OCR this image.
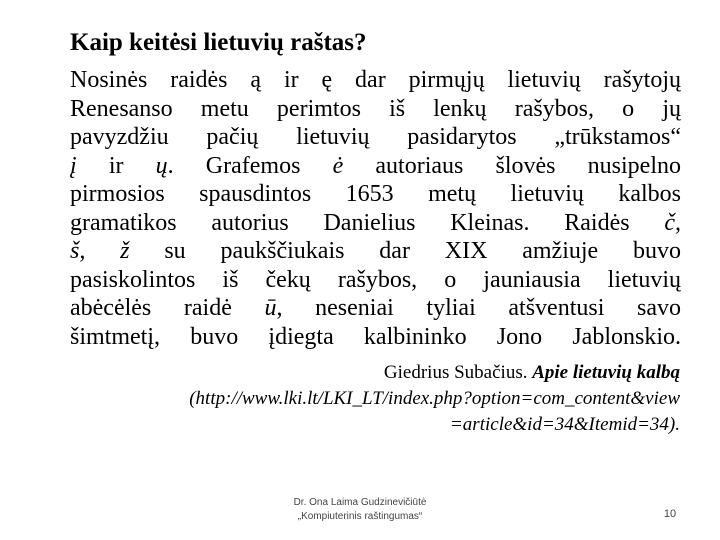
Kaip keitėsi lietuvių raštas?
Nosinės raidės ą ir ę dar pirmųjų lietuvių rašytojų
Renesanso metu perimtos iš lenkų rašybos, o jų
pavyzdžiu pačių lietuvių pasidarytos „trūkstamos“
į ir ų. Grafemos ė autoriaus šlovės nusipelno
pirmosios spausdintos 1653 metų lietuvių kalbos
gramatikos autorius Danielius Kleinas. Raidės č,
š, ž su paukščiukais dar XIX amžiuje buvo
pasiskolintos iš čekų rašybos, o jauniausia lietuvių
abėcėlės raidė ū, neseniai tyliai atšventusi savo
šimtmetį, buvo įdiegta kalbininko Jono Jablonskio.
Giedrius Subačius. Apie lietuvių kalbą
(http://www.lki.lt/LKI_LT/index.php?option=com_content&view
=article&id=34&Itemid=34).
Dr. Ona Laima Gudzinevičiūtė
„Kompiuterinis raštingumas“	10
